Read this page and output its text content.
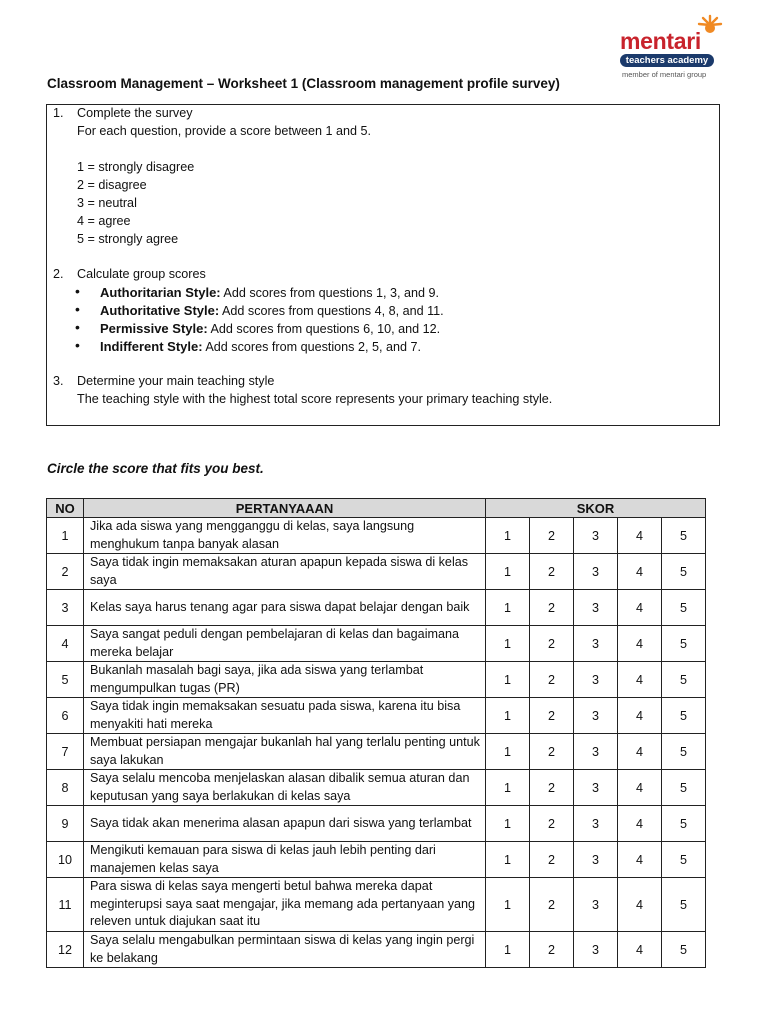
mentari
teachers academy
member of mentari group
Classroom Management – Worksheet 1 (Classroom management profile survey)
1. Complete the survey
For each question, provide a score between 1 and 5.
1 = strongly disagree
2 = disagree
3 = neutral
4 = agree
5 = strongly agree
2. Calculate group scores
• Authoritarian Style: Add scores from questions 1, 3, and 9.
• Authoritative Style: Add scores from questions 4, 8, and 11.
• Permissive Style: Add scores from questions 6, 10, and 12.
• Indifferent Style: Add scores from questions 2, 5, and 7.
3. Determine your main teaching style
The teaching style with the highest total score represents your primary teaching style.
Circle the score that fits you best.
NO	PERTANYAAAN	SKOR				
1	Jika ada siswa yang mengganggu di kelas, saya langsung menghukum tanpa banyak alasan	1	2	3	4	5
2	Saya tidak ingin memaksakan aturan apapun kepada siswa di kelas saya	1	2	3	4	5
3	Kelas saya harus tenang agar para siswa dapat belajar dengan baik	1	2	3	4	5
4	Saya sangat peduli dengan pembelajaran di kelas dan bagaimana mereka belajar	1	2	3	4	5
5	Bukanlah masalah bagi saya, jika ada siswa yang terlambat mengumpulkan tugas (PR)	1	2	3	4	5
6	Saya tidak ingin memaksakan sesuatu pada siswa, karena itu bisa menyakiti hati mereka	1	2	3	4	5
7	Membuat persiapan mengajar bukanlah hal yang terlalu penting untuk saya lakukan	1	2	3	4	5
8	Saya selalu mencoba menjelaskan alasan dibalik semua aturan dan keputusan yang saya berlakukan di kelas saya	1	2	3	4	5
9	Saya tidak akan menerima alasan apapun dari siswa yang terlambat	1	2	3	4	5
10	Mengikuti kemauan para siswa di kelas jauh lebih penting dari manajemen kelas saya	1	2	3	4	5
11	Para siswa di kelas saya mengerti betul bahwa mereka dapat meginterupsi saya saat mengajar, jika memang ada pertanyaan yang releven untuk diajukan saat itu	1	2	3	4	5
12	Saya selalu mengabulkan permintaan siswa di kelas yang ingin pergi ke belakang	1	2	3	4	5
